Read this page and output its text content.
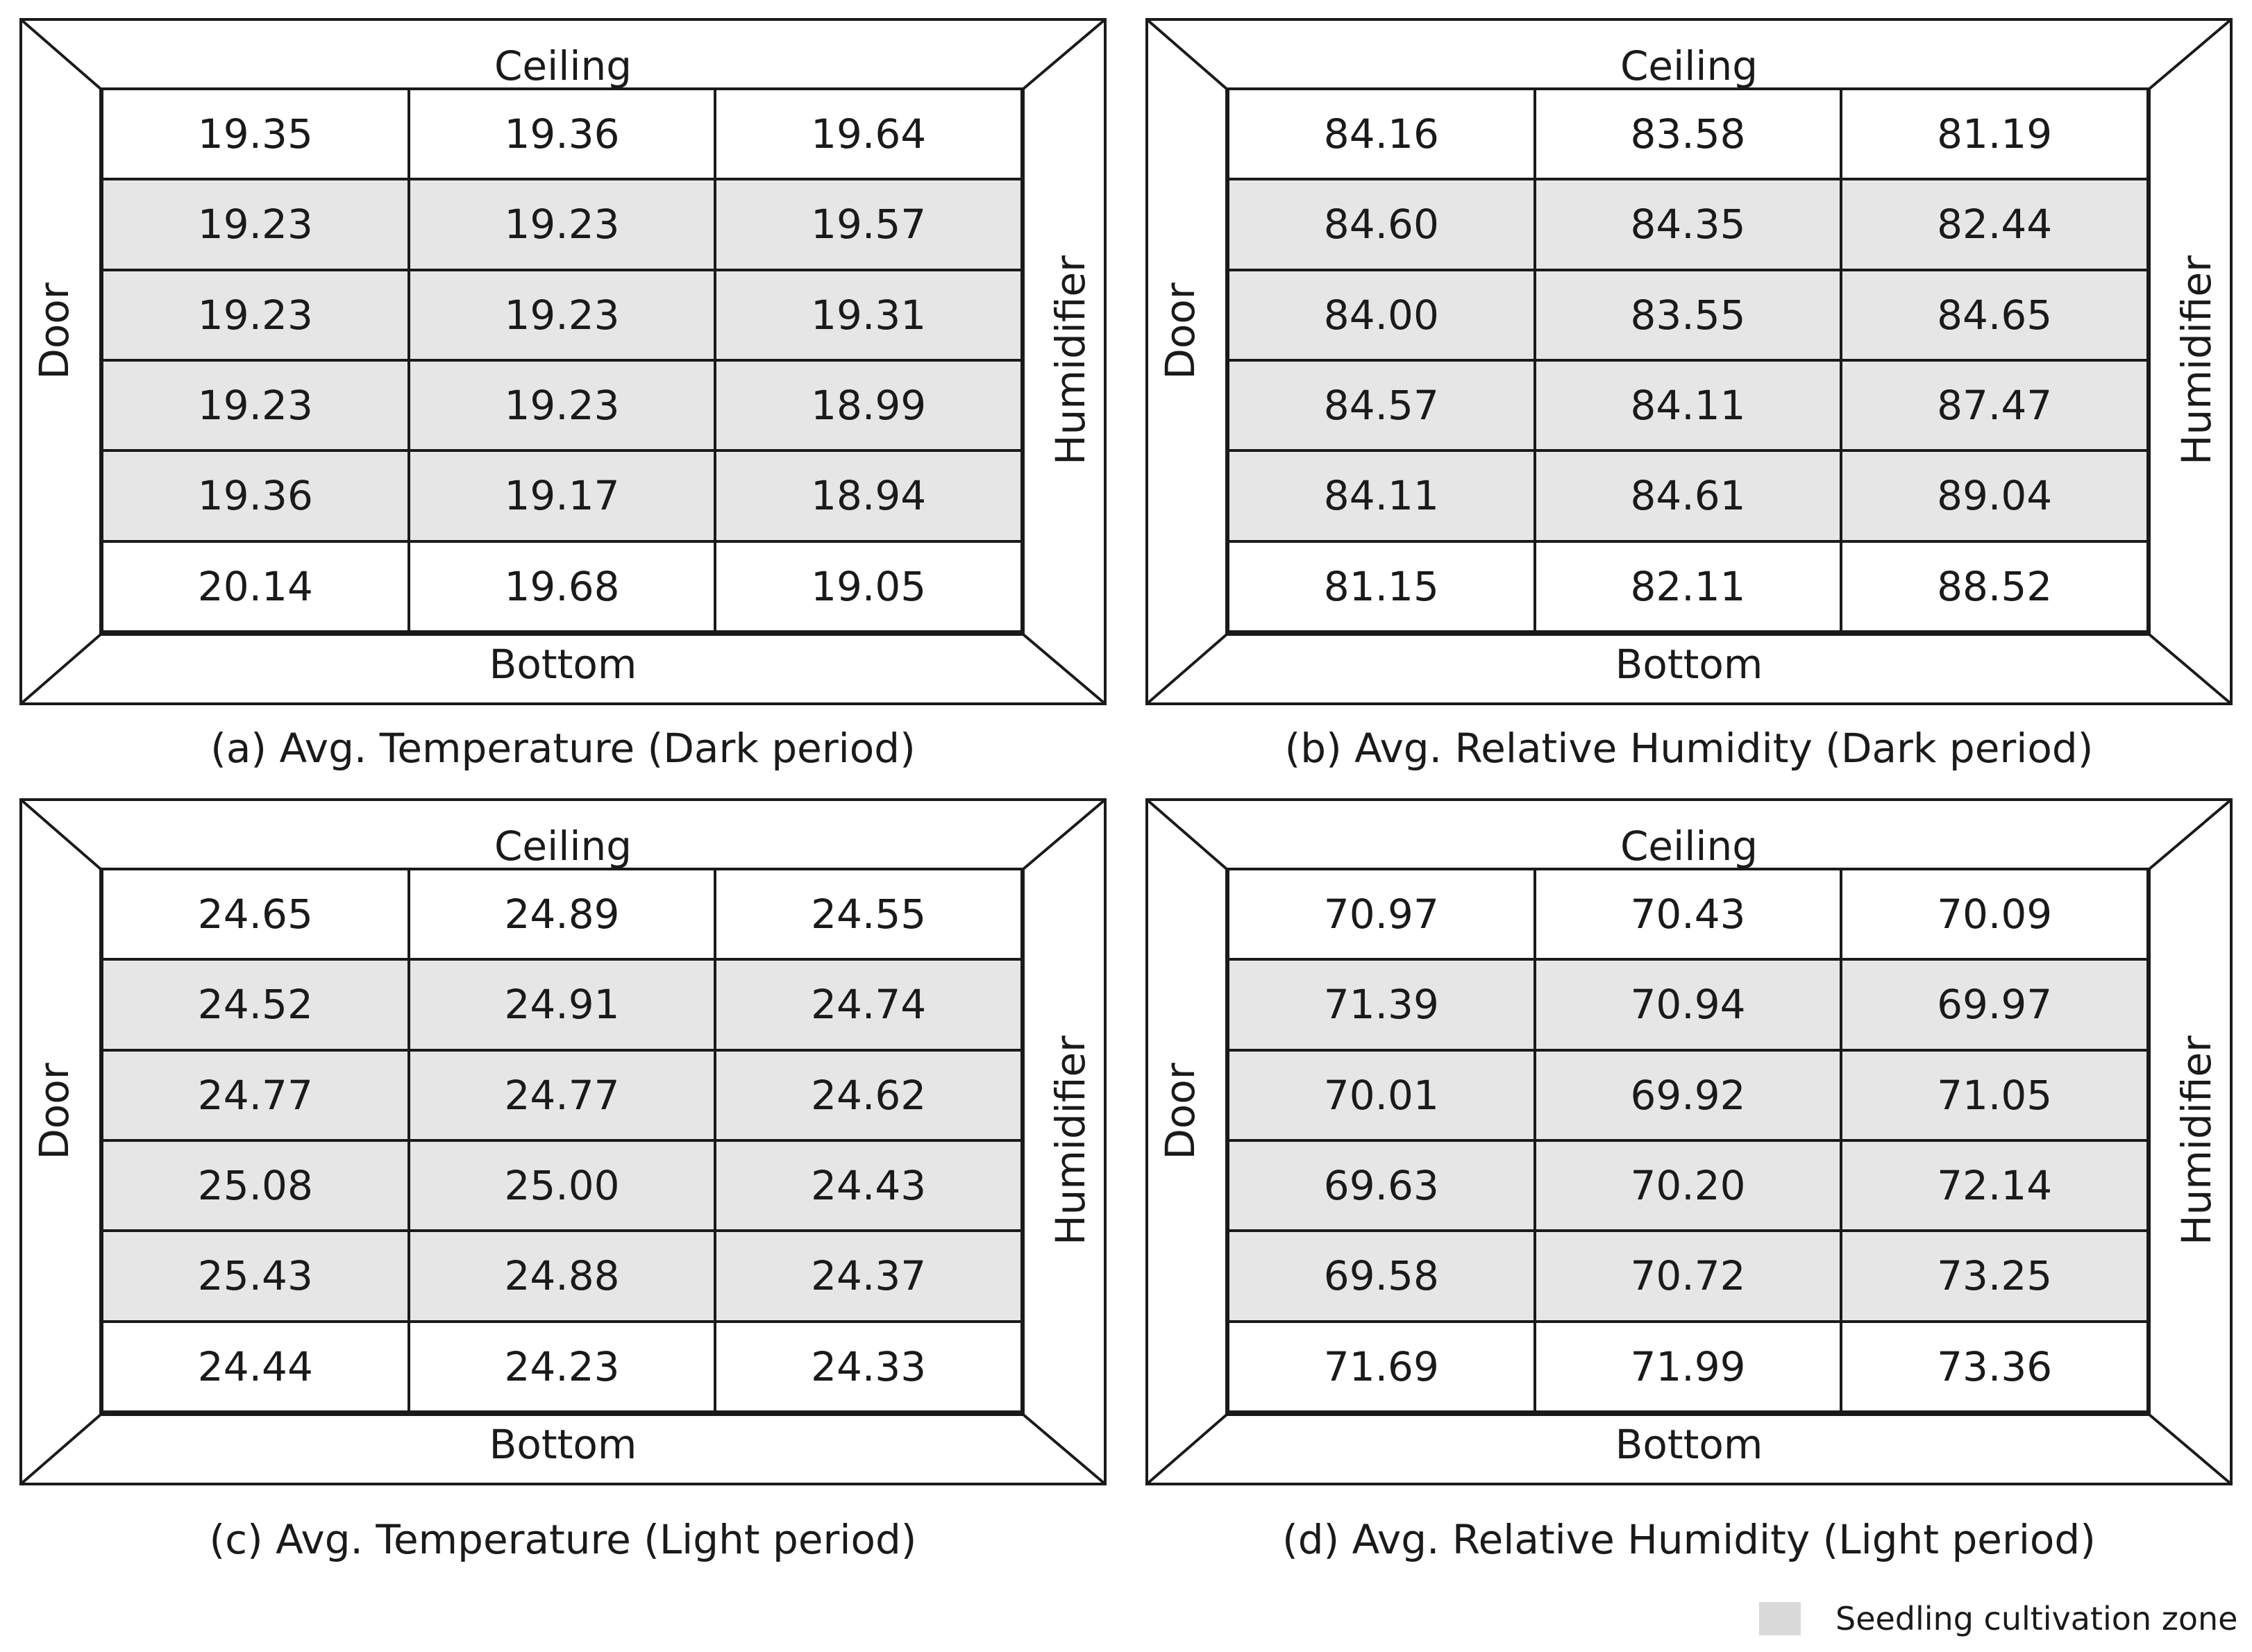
Ceiling
Bottom
Door	Humidifier
19.35	19.36	19.64
19.23	19.23	19.57
19.23	19.23	19.31
19.23	19.23	18.99
19.36	19.17	18.94
20.14	19.68	19.05
Ceiling
Bottom
Door	Humidifier
84.16	83.58	81.19
84.60	84.35	82.44
84.00	83.55	84.65
84.57	84.11	87.47
84.11	84.61	89.04
81.15	82.11	88.52
Ceiling
Bottom
Door	Humidifier
24.65	24.89	24.55
24.52	24.91	24.74
24.77	24.77	24.62
25.08	25.00	24.43
25.43	24.88	24.37
24.44	24.23	24.33
Ceiling
Bottom
Door	Humidifier
70.97	70.43	70.09
71.39	70.94	69.97
70.01	69.92	71.05
69.63	70.20	72.14
69.58	70.72	73.25
71.69	71.99	73.36
(a) Avg. Temperature (Dark period)	(b) Avg. Relative Humidity (Dark period)
(c) Avg. Temperature (Light period)	(d) Avg. Relative Humidity (Light period)
Seedling cultivation zone
